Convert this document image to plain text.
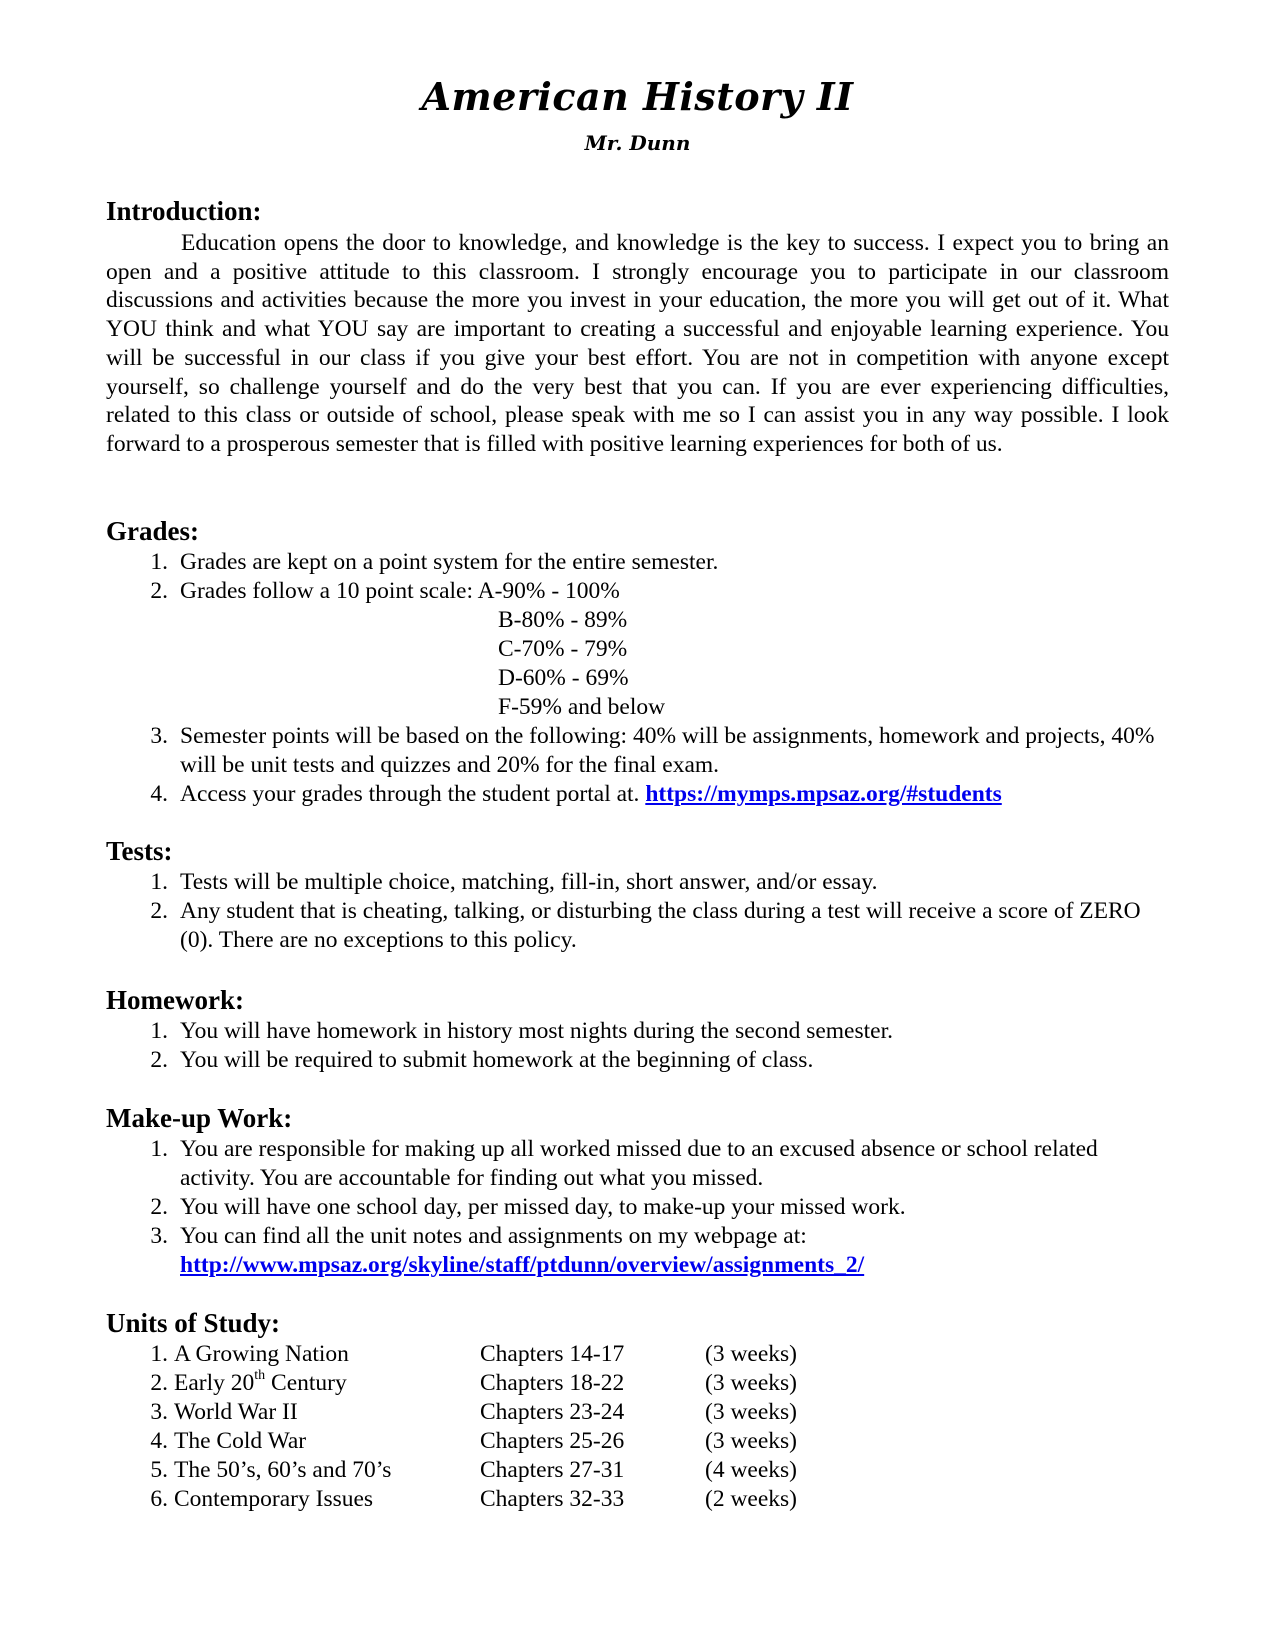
American History II
Mr. Dunn
Introduction:
Education opens the door to knowledge, and knowledge is the key to success. I expect you to bring an open and a positive attitude to this classroom. I strongly encourage you to participate in our classroom discussions and activities because the more you invest in your education, the more you will get out of it. What YOU think and what YOU say are important to creating a successful and enjoyable learning experience. You will be successful in our class if you give your best effort. You are not in competition with anyone except yourself, so challenge yourself and do the very best that you can. If you are ever experiencing difficulties, related to this class or outside of school, please speak with me so I can assist you in any way possible. I look forward to a prosperous semester that is filled with positive learning experiences for both of us.
Grades:
1. Grades are kept on a point system for the entire semester.
2. Grades follow a 10 point scale: A-90% - 100%
B-80% - 89%
C-70% - 79%
D-60% - 69%
F-59% and below
3. Semester points will be based on the following: 40% will be assignments, homework and projects, 40% will be unit tests and quizzes and 20% for the final exam.
4. Access your grades through the student portal at. https://mymps.mpsaz.org/#students
Tests:
1. Tests will be multiple choice, matching, fill-in, short answer, and/or essay.
2. Any student that is cheating, talking, or disturbing the class during a test will receive a score of ZERO (0). There are no exceptions to this policy.
Homework:
1. You will have homework in history most nights during the second semester.
2. You will be required to submit homework at the beginning of class.
Make-up Work:
1. You are responsible for making up all worked missed due to an excused absence or school related activity. You are accountable for finding out what you missed.
2. You will have one school day, per missed day, to make-up your missed work.
3. You can find all the unit notes and assignments on my webpage at:
http://www.mpsaz.org/skyline/staff/ptdunn/overview/assignments_2/
Units of Study:
1. A Growing Nation	Chapters 14-17	(3 weeks)
2. Early 20th Century	Chapters 18-22	(3 weeks)
3. World War II	Chapters 23-24	(3 weeks)
4. The Cold War	Chapters 25-26	(3 weeks)
5. The 50’s, 60’s and 70’s	Chapters 27-31	(4 weeks)
6. Contemporary Issues	Chapters 32-33	(2 weeks)
